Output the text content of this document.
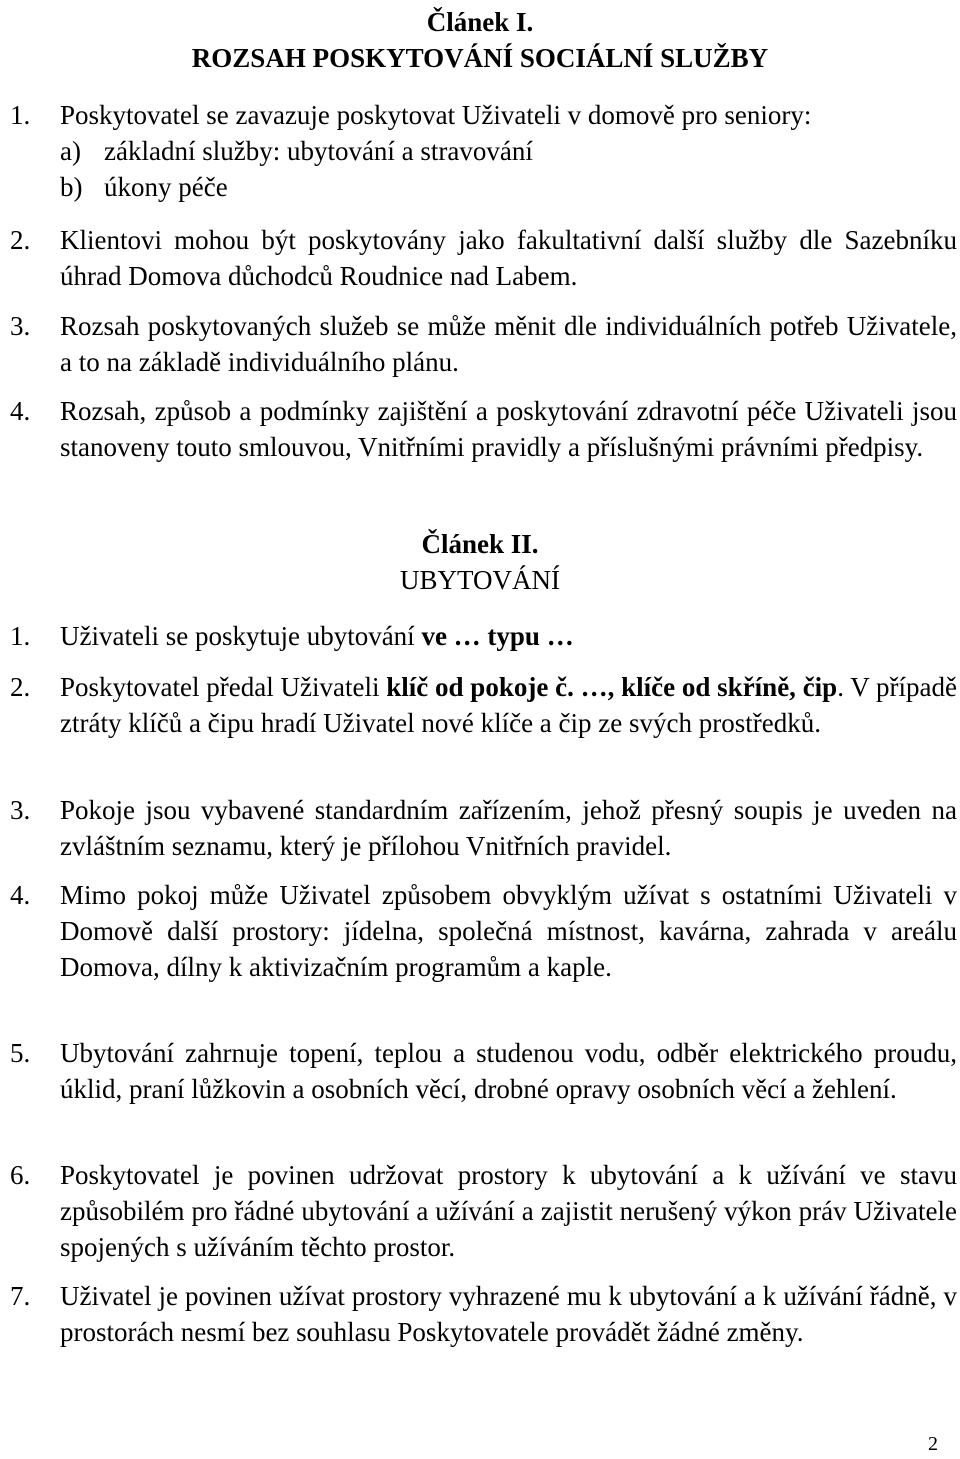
Článek I.
ROZSAH POSKYTOVÁNÍ SOCIÁLNÍ SLUŽBY
1. Poskytovatel se zavazuje poskytovat Uživateli v domově pro seniory:
a) základní služby: ubytování a stravování
b) úkony péče
2. Klientovi mohou být poskytovány jako fakultativní další služby dle Sazebníku úhrad Domova důchodců Roudnice nad Labem.
3. Rozsah poskytovaných služeb se může měnit dle individuálních potřeb Uživatele, a to na základě individuálního plánu.
4. Rozsah, způsob a podmínky zajištění a poskytování zdravotní péče Uživateli jsou stanoveny touto smlouvou, Vnitřními pravidly a příslušnými právními předpisy.
Článek II.
UBYTOVÁNÍ
1. Uživateli se poskytuje ubytování ve … typu …
2. Poskytovatel předal Uživateli klíč od pokoje č. …, klíče od skříně, čip. V případě ztráty klíčů a čipu hradí Uživatel nové klíče a čip ze svých prostředků.
3. Pokoje jsou vybavené standardním zařízením, jehož přesný soupis je uveden na zvláštním seznamu, který je přílohou Vnitřních pravidel.
4. Mimo pokoj může Uživatel způsobem obvyklým užívat s ostatními Uživateli v Domově další prostory: jídelna, společná místnost, kavárna, zahrada v areálu Domova, dílny k aktivizačním programům a kaple.
5. Ubytování zahrnuje topení, teplou a studenou vodu, odběr elektrického proudu, úklid, praní lůžkovin a osobních věcí, drobné opravy osobních věcí a žehlení.
6. Poskytovatel je povinen udržovat prostory k ubytování a k užívání ve stavu způsobilém pro řádné ubytování a užívání a zajistit nerušený výkon práv Uživatele spojených s užíváním těchto prostor.
7. Uživatel je povinen užívat prostory vyhrazené mu k ubytování a k užívání řádně, v prostorách nesmí bez souhlasu Poskytovatele provádět žádné změny.
2
